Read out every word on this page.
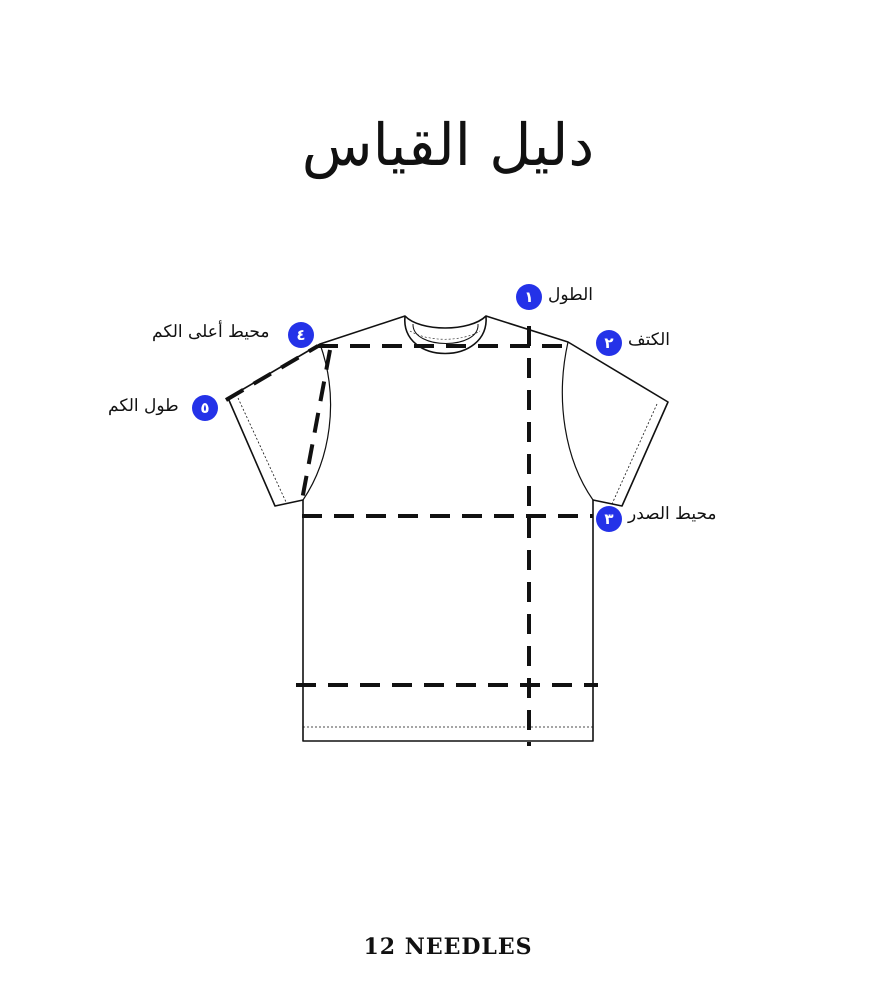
دليل القياس
١ الطول
٢ الكتف
٣ محيط الصدر
٤
محيط أعلى الكم
٥
طول الكم
12 NEEDLES
